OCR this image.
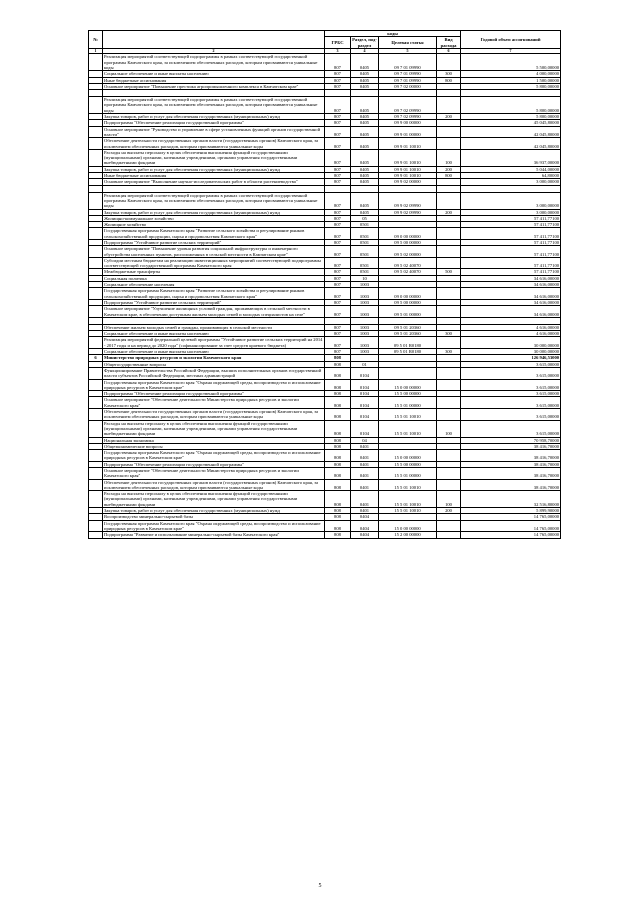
№		коды				Годовой объем ассигнований
		ГРБС	Раздел, под-раздел	Целевая статья	Вид расхода	
1	2	3	4	5	6	7
	Реализация мероприятий соответствующей подпрограммы в рамках соответствующей государственной программы Камчатского края, за исключением обеспеченных расходов, которым присваиваются уникальные коды	807	0405	09 7 01 09990		5 500,00000
	Социальное обеспечение и иные выплаты населению	807	0405	09 7 01 09990	300	4 000,00000
	Иные бюджетные ассигнования	807	0405	09 7 01 09990	800	1 500,00000
	Основное мероприятие "Повышение престижа агропромышленного комплекса в Камчатском крае"	807	0405	09 7 02 00000		5 800,00000

	Реализация мероприятий соответствующей подпрограммы в рамках соответствующей государственной программы Камчатского края, за исключением обеспеченных расходов, которым присваиваются уникальные коды	807	0405	09 7 02 09990		5 800,00000
	Закупка товаров, работ и услуг для обеспечения государственных (муниципальных) нужд	807	0405	09 7 02 09990	200	5 800,00000
	Подпрограмма "Обеспечение реализации государственной программы"	807	0405	09 9 00 00000		45 045,80000
	Основное мероприятие "Руководство и управление в сфере установленных функций органов государственной власти"	807	0405	09 9 01 00000		42 045,80000
	Обеспечение деятельности государственных органов власти (государственных органов) Камчатского края, за исключением обеспеченных расходов, которым присваиваются уникальные коды	807	0405	09 9 01 10010		42 045,80000
	Расходы на выплаты персоналу в целях обеспечения выполнения функций государственными (муниципальными) органами, казенными учреждениями, органами управления государственными внебюджетными фондами	807	0405	09 9 01 10010	100	36 937,00000
	Закупка товаров, работ и услуг для обеспечения государственных (муниципальных) нужд	807	0405	09 9 01 10010	200	5 044,00000
	Иные бюджетные ассигнования	807	0405	09 9 01 10010	800	64,80000
	Основное мероприятие "Выполнение научно-исследовательских работ в области растениеводства"	807	0405	09 9 02 00000		3 000,00000

	Реализация мероприятий соответствующей подпрограммы в рамках соответствующей государственной программы Камчатского края, за исключением обеспеченных расходов, которым присваиваются уникальные коды	807	0405	09 9 02 09990		3 000,00000
	Закупка товаров, работ и услуг для обеспечения государственных (муниципальных) нужд	807	0405	09 9 02 09990	200	3 000,00000
	Жилищно-коммунальное хозяйство	807	05			57 411,77100
	Жилищное хозяйство	807	0501			57 411,77100
	Государственная программа Камчатского края "Развитие сельского хозяйства и регулирование рынков сельскохозяйственной продукции, сырья и продовольствия Камчатского края"	807	0501	09 0 00 00000		57 411,77100
	Подпрограмма "Устойчивое развитие сельских территорий"	807	0501	09 5 00 00000		57 411,77100
	Основное мероприятие "Повышение уровня развития социальной инфраструктуры и инженерного обустройства населенных пунктов, расположенных в сельской местности в Камчатском крае"	807	0501	09 5 02 00000		57 411,77100
	Субсидии местным бюджетам на реализацию инвестиционных мероприятий соответствующей подпрограммы соответствующей государственной программы Камчатского края	807	0501	09 5 02 40070		57 411,77100
	Межбюджетные трансферты	807	0501	09 5 02 40070	500	57 411,77100
	Социальная политика	807	10			34 616,00000
	Социальное обеспечение населения	807	1003			34 616,00000
	Государственная программа Камчатского края "Развитие сельского хозяйства и регулирование рынков сельскохозяйственной продукции, сырья и продовольствия Камчатского края"	807	1003	09 0 00 00000		34 616,00000
	Подпрограмма "Устойчивое развитие сельских территорий"	807	1003	09 5 00 00000		34 616,00000
	Основное мероприятие "Улучшение жилищных условий граждан, проживающих в сельской местности в Камчатском крае, в обеспечении доступным жильем молодых семей и молодых специалистов на селе"	807	1003	09 5 01 00000		34 616,00000

	Обеспечение жильем молодых семей и граждан, проживающих в сельской местности	807	1003	09 5 01 20360		4 616,00000
	Социальное обеспечение и иные выплаты населению	807	1003	09 5 01 20360	300	4 616,00000
	Реализация мероприятий федеральной целевой программы "Устойчивое развитие сельских территорий на 2014 - 2017 годы и на период до 2020 года" (софинансирование за счет средств краевого бюджета)	807	1003	09 5 01 R0180		30 000,00000
	Социальное обеспечение и иные выплаты населению	807	1003	09 5 01 R0180	300	30 000,00000
6	Министерство природных ресурсов и экологии Камчатского края	808				126 946,53000
	Общегосударственные вопросы	808	01			3 615,00000
	Функционирование Правительства Российской Федерации, высших исполнительных органов государственной власти субъектов Российской Федерации, местных администраций	808	0104			3 615,00000
	Государственная программа Камчатского края "Охрана окружающей среды, воспроизводство и использование природных ресурсов в Камчатском крае"	808	0104	15 0 00 00000		3 615,00000
	Подпрограмма "Обеспечение реализации государственной программы"	808	0104	15 5 00 00000		3 615,00000
	Основное мероприятие "Обеспечение деятельности Министерства природных ресурсов и экологии Камчатского края"	808	0104	15 5 01 00000		3 615,00000
	Обеспечение деятельности государственных органов власти (государственных органов) Камчатского края, за исключением обеспеченных расходов, которым присваиваются уникальные коды	808	0104	15 5 01 10010		3 615,00000
	Расходы на выплаты персоналу в целях обеспечения выполнения функций государственными (муниципальными) органами, казенными учреждениями, органами управления государственными внебюджетными фондами	808	0104	15 5 01 10010	100	3 615,00000
	Национальная экономика	808	04			70 958,70000
	Общеэкономические вопросы	808	0401			38 416,70000
	Государственная программа Камчатского края "Охрана окружающей среды, воспроизводство и использование природных ресурсов в Камчатском крае"	808	0401	15 0 00 00000		38 416,70000
	Подпрограмма "Обеспечение реализации государственной программы"	808	0401	15 5 00 00000		38 416,70000
	Основное мероприятие "Обеспечение деятельности Министерства природных ресурсов и экологии Камчатского края"	808	0401	15 5 01 00000		38 416,70000
	Обеспечение деятельности государственных органов власти (государственных органов) Камчатского края, за исключением обеспеченных расходов, которым присваиваются уникальные коды	808	0401	15 5 01 10010		38 416,70000
	Расходы на выплаты персоналу в целях обеспечения выполнения функций государственными (муниципальными) органами, казенными учреждениями, органами управления государственными внебюджетными фондами	808	0401	15 5 01 10010	100	32 516,80000
	Закупка товаров, работ и услуг для обеспечения государственных (муниципальных) нужд	808	0401	15 5 01 10010	200	5 899,90000
	Воспроизводство минерально-сырьевой базы	808	0404			14 765,00000
	Государственная программа Камчатского края "Охрана окружающей среды, воспроизводство и использование природных ресурсов в Камчатском крае"	808	0404	15 0 00 00000		14 765,00000
	Подпрограмма "Развитие и использование минерально-сырьевой базы Камчатского края"	808	0404	15 2 00 00000		14 765,00000
5
